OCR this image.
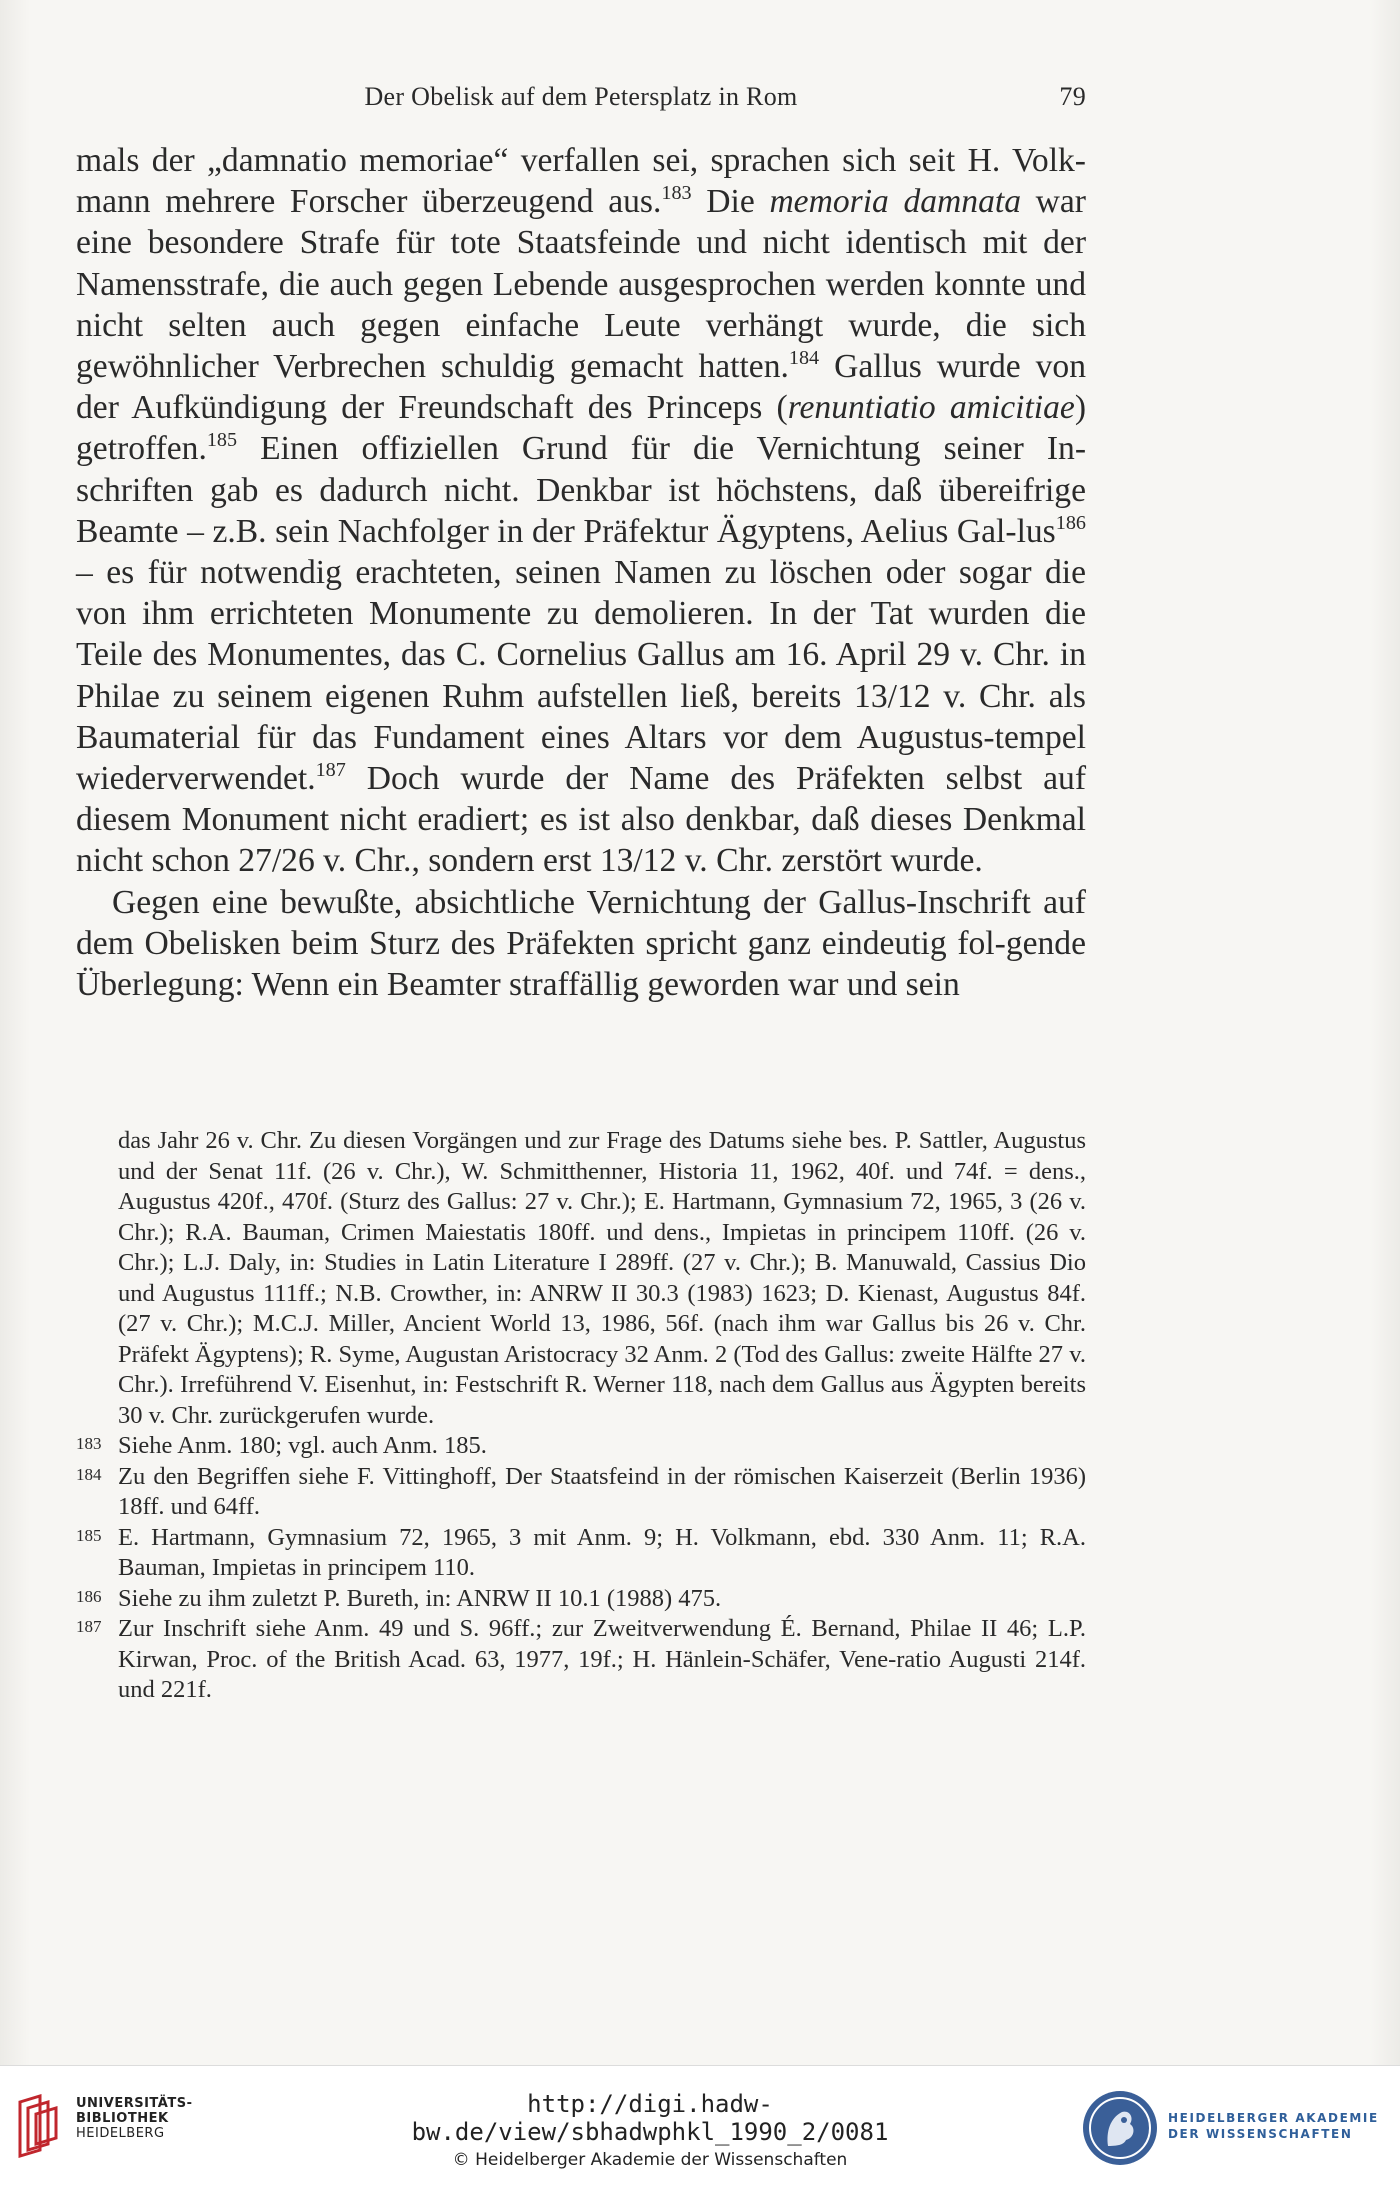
Der Obelisk auf dem Petersplatz in Rom	79

mals der „damnatio memoriae“ verfallen sei, sprachen sich seit H. Volk-mann mehrere Forscher überzeugend aus.$^{183}$ Die memoria damnata war eine besondere Strafe für tote Staatsfeinde und nicht identisch mit der Namensstrafe, die auch gegen Lebende ausgesprochen werden konnte und nicht selten auch gegen einfache Leute verhängt wurde, die sich gewöhnlicher Verbrechen schuldig gemacht hatten.$^{184}$ Gallus wurde von der Aufkündigung der Freundschaft des Princeps (renuntiatio amicitiae) getroffen.$^{185}$ Einen offiziellen Grund für die Vernichtung seiner In-schriften gab es dadurch nicht. Denkbar ist höchstens, daß übereifrige Beamte – z.B. sein Nachfolger in der Präfektur Ägyptens, Aelius Gal-lus$^{186}$ – es für notwendig erachteten, seinen Namen zu löschen oder sogar die von ihm errichteten Monumente zu demolieren. In der Tat wurden die Teile des Monumentes, das C. Cornelius Gallus am 16. April 29 v. Chr. in Philae zu seinem eigenen Ruhm aufstellen ließ, bereits 13/12 v. Chr. als Baumaterial für das Fundament eines Altars vor dem Augustus-tempel wiederverwendet.$^{187}$ Doch wurde der Name des Präfekten selbst auf diesem Monument nicht eradiert; es ist also denkbar, daß dieses Denkmal nicht schon 27/26 v. Chr., sondern erst 13/12 v. Chr. zerstört wurde.

Gegen eine bewußte, absichtliche Vernichtung der Gallus-Inschrift auf dem Obelisken beim Sturz des Präfekten spricht ganz eindeutig fol-gende Überlegung: Wenn ein Beamter straffällig geworden war und sein

das Jahr 26 v. Chr. Zu diesen Vorgängen und zur Frage des Datums siehe bes. P. Sattler, Augustus und der Senat 11f. (26 v. Chr.), W. Schmitthenner, Historia 11, 1962, 40f. und 74f. = dens., Augustus 420f., 470f. (Sturz des Gallus: 27 v. Chr.); E. Hartmann, Gymnasium 72, 1965, 3 (26 v. Chr.); R.A. Bauman, Crimen Maiestatis 180ff. und dens., Impietas in principem 110ff. (26 v. Chr.); L.J. Daly, in: Studies in Latin Literature I 289ff. (27 v. Chr.); B. Manuwald, Cassius Dio und Augustus 111ff.; N.B. Crowther, in: ANRW II 30.3 (1983) 1623; D. Kienast, Augustus 84f. (27 v. Chr.); M.C.J. Miller, Ancient World 13, 1986, 56f. (nach ihm war Gallus bis 26 v. Chr. Präfekt Ägyptens); R. Syme, Augustan Aristocracy 32 Anm. 2 (Tod des Gallus: zweite Hälfte 27 v. Chr.). Irreführend V. Eisenhut, in: Festschrift R. Werner 118, nach dem Gallus aus Ägypten bereits 30 v. Chr. zurückgerufen wurde.

183 Siehe Anm. 180; vgl. auch Anm. 185.

184 Zu den Begriffen siehe F. Vittinghoff, Der Staatsfeind in der römischen Kaiserzeit (Berlin 1936) 18ff. und 64ff.

185 E. Hartmann, Gymnasium 72, 1965, 3 mit Anm. 9; H. Volkmann, ebd. 330 Anm. 11; R.A. Bauman, Impietas in principem 110.

186 Siehe zu ihm zuletzt P. Bureth, in: ANRW II 10.1 (1988) 475.

187 Zur Inschrift siehe Anm. 49 und S. 96ff.; zur Zweitverwendung É. Bernand, Philae II 46; L.P. Kirwan, Proc. of the British Acad. 63, 1977, 19f.; H. Hänlein-Schäfer, Vene-ratio Augusti 214f. und 221f.

UNIVERSITÄTS-
BIBLIOTHEK
HEIDELBERG
http://digi.hadw-bw.de/view/sbhadwphkl_1990_2/0081
© Heidelberger Akademie der Wissenschaften
HEIDELBERGER AKADEMIE
DER WISSENSCHAFTEN
